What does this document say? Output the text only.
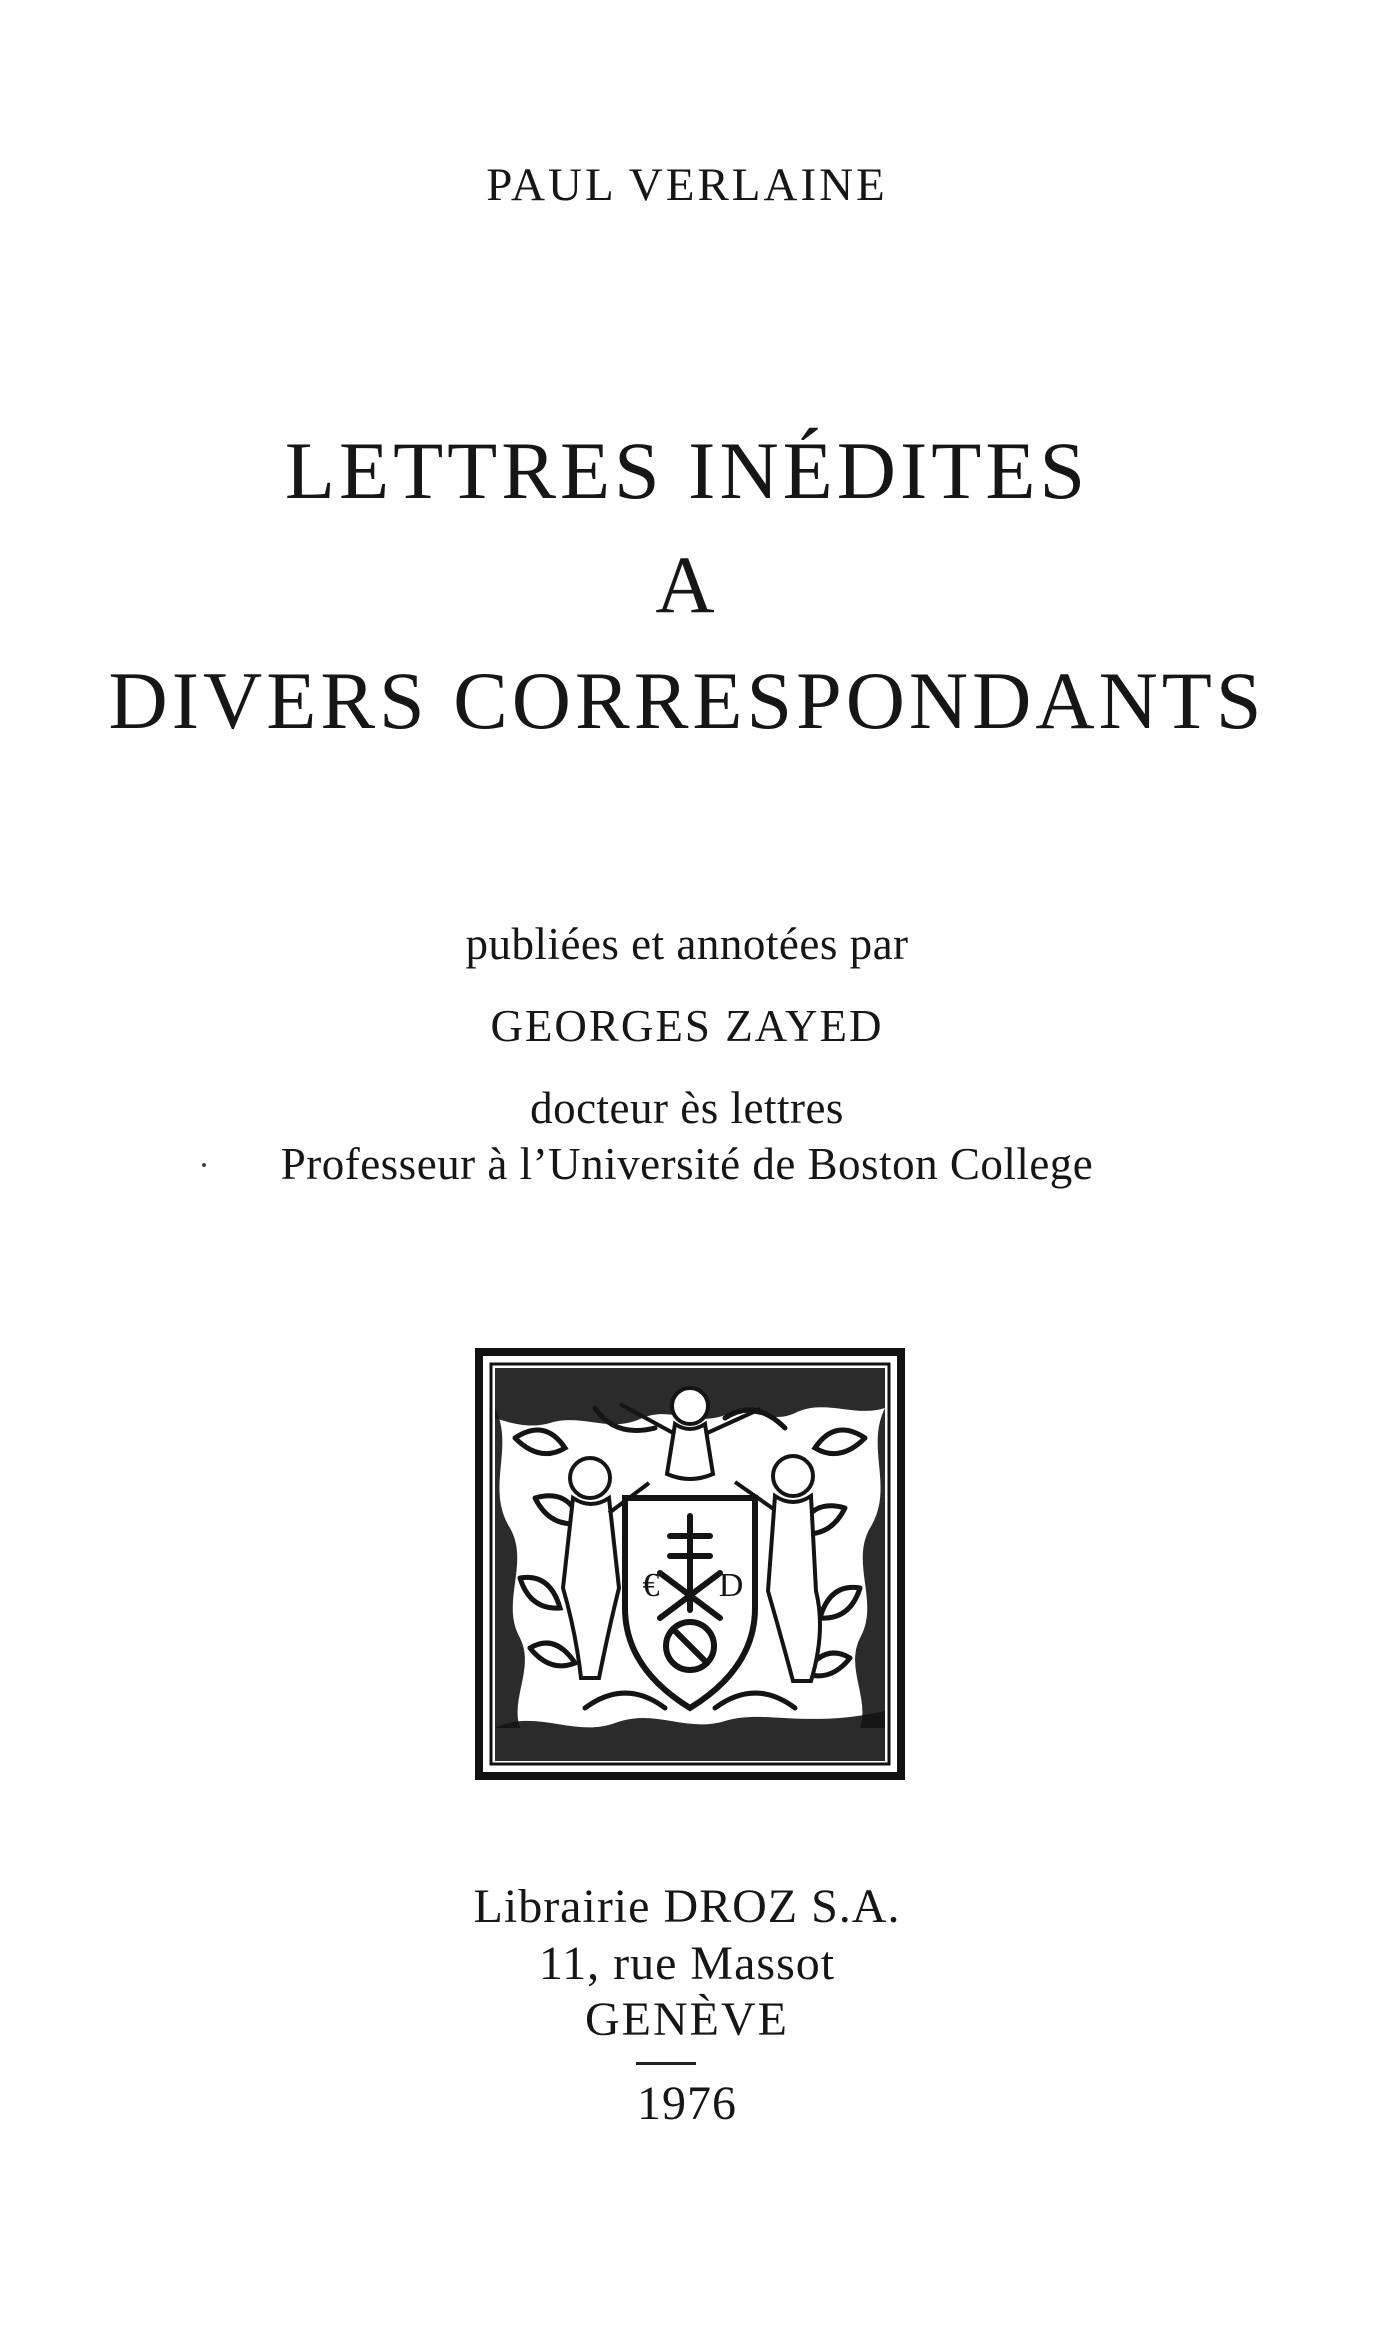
PAUL VERLAINE
LETTRES INÉDITES
A
DIVERS CORRESPONDANTS
publiées et annotées par
GEORGES ZAYED
docteur ès lettres
Professeur à l’Université de Boston College
€ D
Librairie DROZ S.A.
11, rue Massot
GENÈVE
1976
